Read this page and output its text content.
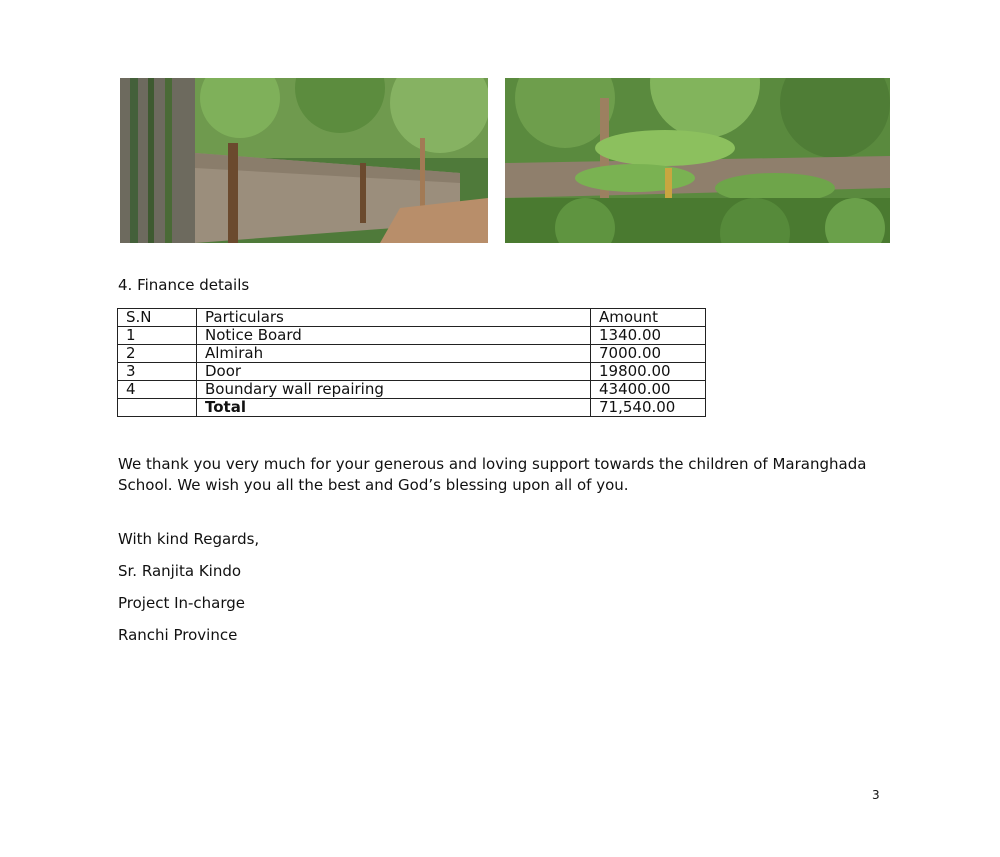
4. Finance details
S.N	Particulars	Amount
1	Notice Board	1340.00
2	Almirah	7000.00
3	Door	19800.00
4	Boundary wall repairing	43400.00
	Total	71,540.00

We thank you very much for your generous and loving support towards the children of Maranghada School. We wish you all the best and God’s blessing upon all of you.

With kind Regards,

Sr. Ranjita Kindo

Project In-charge

Ranchi Province

3
